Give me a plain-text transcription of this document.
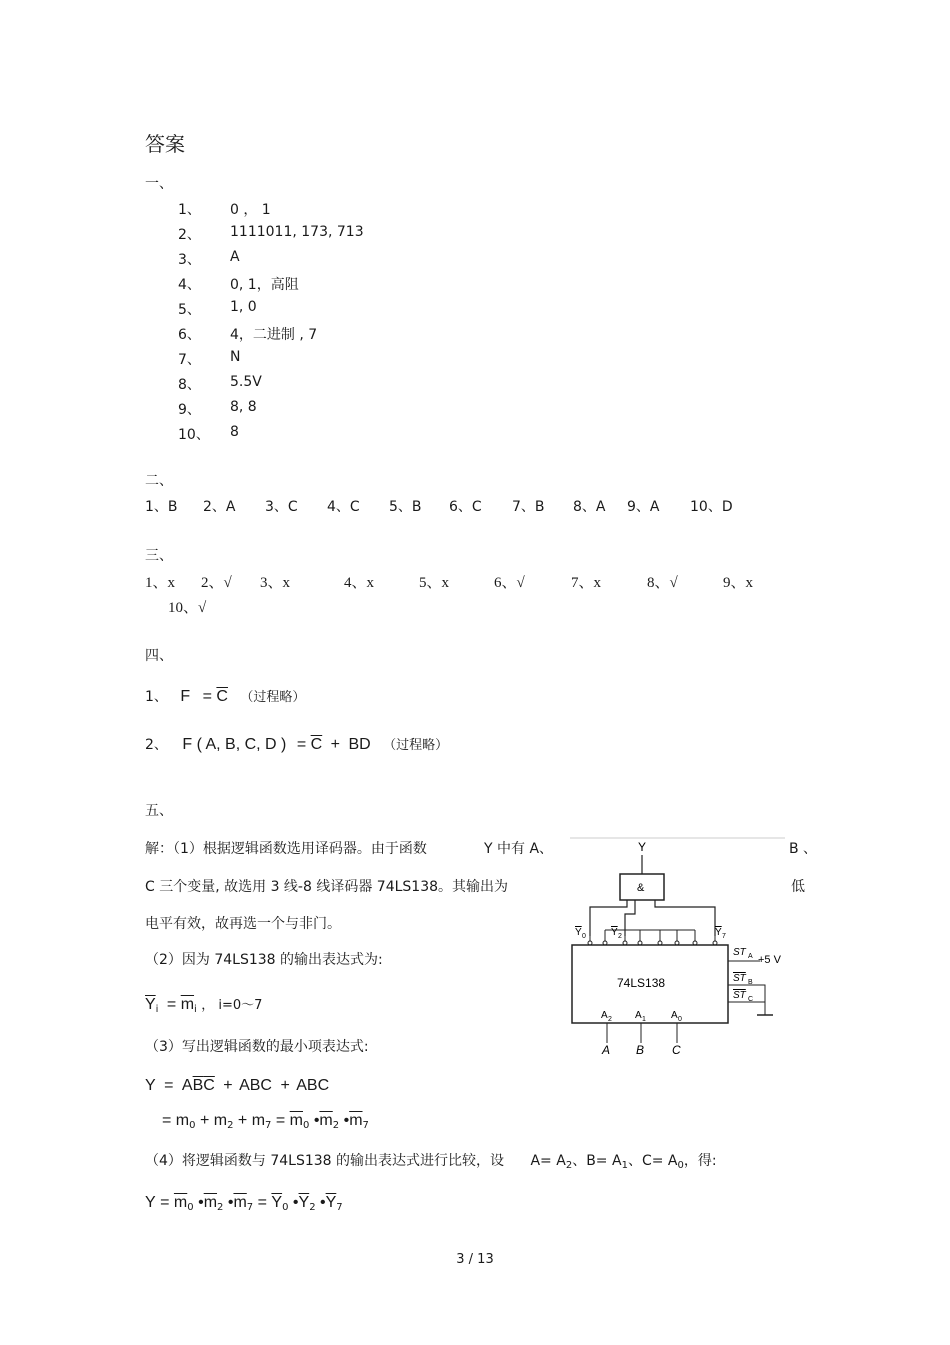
答案
一、
1、 0 ， 1
2、 1111011, 173, 713
3、 A
4、 0, 1，高阻
5、 1, 0
6、 4，二进制 , 7
7、 N
8、 5.5V
9、 8, 8
10、 8
二、
1、B 2、A 3、C 4、C 5、B 6、C 7、B 8、A 9、A 10、D
三、
1、x 2、√ 3、x	4、x	5、x	6、√	7、x	8、√	9、x
10、√
四、
1、 $F = \overline{C}$ （过程略）
2、 F ( A, B, C, D ) = $\overline{C}$ + BD （过程略）
五、
解：（1）根据逻辑函数选用译码器。由于函数	Y 中有 A、	B 、
C 三个变量, 故选用 3 线-8 线译码器 74LS138。其输出为	低
电平有效，故再选一个与非门。
（2）因为 74LS138 的输出表达式为:
$\overline{Y}_i = \overline{m}_i$ ， i=0～7
（3）写出逻辑函数的最小项表达式:
$Y = A\overline{B}\overline{C}$ + ABC + ABC
= $m_0 + m_2 + m_7 = \overline{m}_0$ $•\overline{m}_2$ $•\overline{m}_7$
（4）将逻辑函数与 74LS138 的输出表达式进行比较，设 $A= A_2$、$B= A_1$、$C= A_0$，得:
$Y = \overline{m}_0$ $•\overline{m}_2$ $•\overline{m}_7 = \overline{Y}_0$ $•\overline{Y}_2$ $•\overline{Y}_7$
Y
&
Y 0	Y 2	Y 7
74LS138
ST A +5 V
ST B
ST C
A 2 A 1	A 0
A B C
3 / 13
